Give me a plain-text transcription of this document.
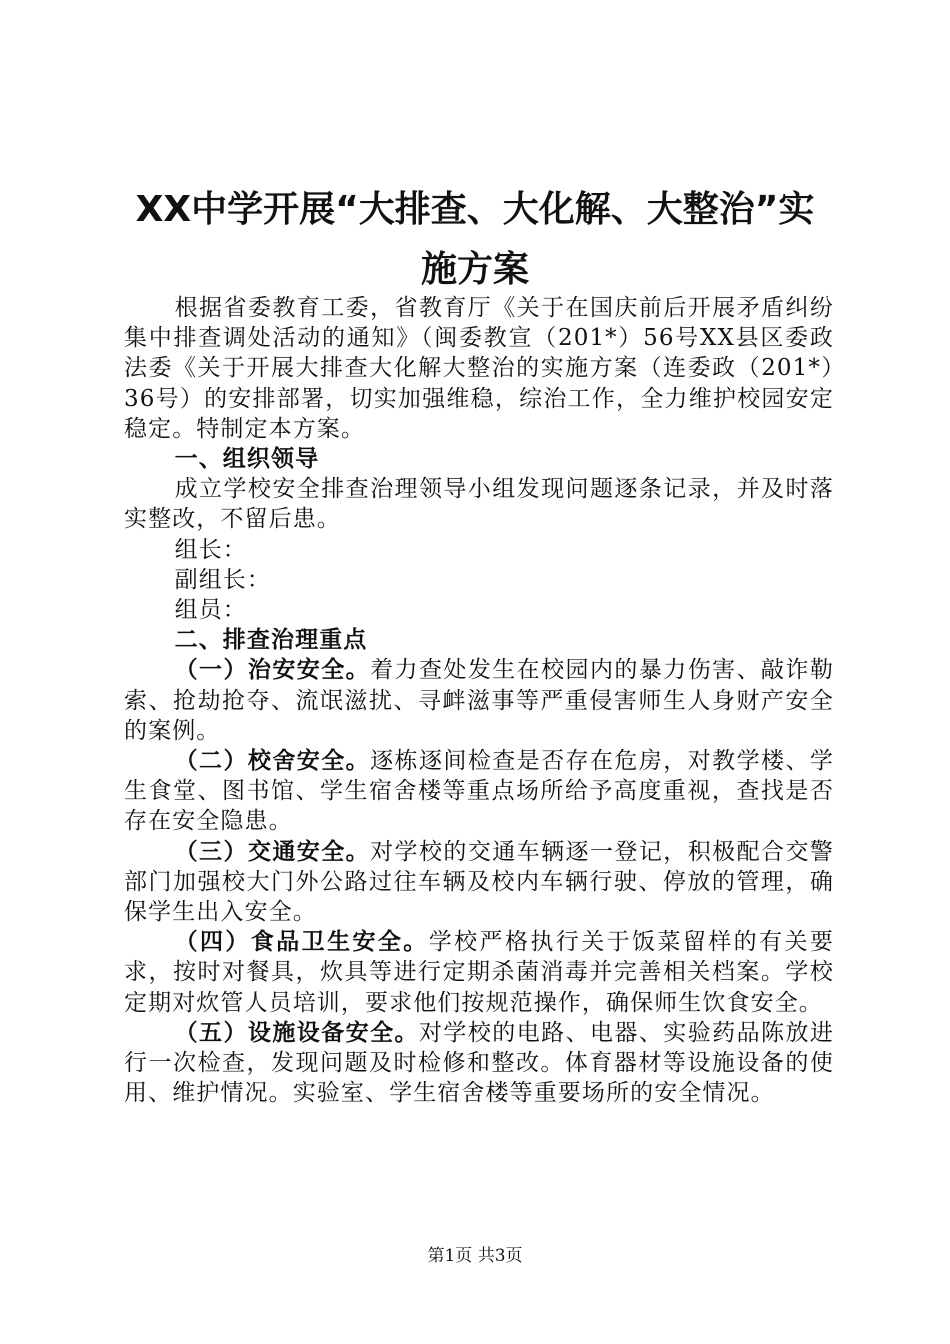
XX中学开展“大排查、大化解、大整治”实
施方案

根据省委教育工委，省教育厅《关于在国庆前后开展矛盾纠纷集中排查调处活动的通知》（闽委教宣（201*）56号XX县区委政法委《关于开展大排查大化解大整治的实施方案（连委政（201*）36号）的安排部署，切实加强维稳，综治工作，全力维护校园安定稳定。特制定本方案。

一、组织领导

成立学校安全排查治理领导小组发现问题逐条记录，并及时落实整改，不留后患。

组长：

副组长：

组员：

二、排查治理重点

（一）治安安全。着力查处发生在校园内的暴力伤害、敲诈勒索、抢劫抢夺、流氓滋扰、寻衅滋事等严重侵害师生人身财产安全的案例。

（二）校舍安全。逐栋逐间检查是否存在危房，对教学楼、学生食堂、图书馆、学生宿舍楼等重点场所给予高度重视，查找是否存在安全隐患。

（三）交通安全。对学校的交通车辆逐一登记，积极配合交警部门加强校大门外公路过往车辆及校内车辆行驶、停放的管理，确保学生出入安全。

（四）食品卫生安全。学校严格执行关于饭菜留样的有关要求，按时对餐具，炊具等进行定期杀菌消毒并完善相关档案。学校定期对炊管人员培训，要求他们按规范操作，确保师生饮食安全。

（五）设施设备安全。对学校的电路、电器、实验药品陈放进行一次检查，发现问题及时检修和整改。体育器材等设施设备的使用、维护情况。实验室、学生宿舍楼等重要场所的安全情况。

第1页 共3页
